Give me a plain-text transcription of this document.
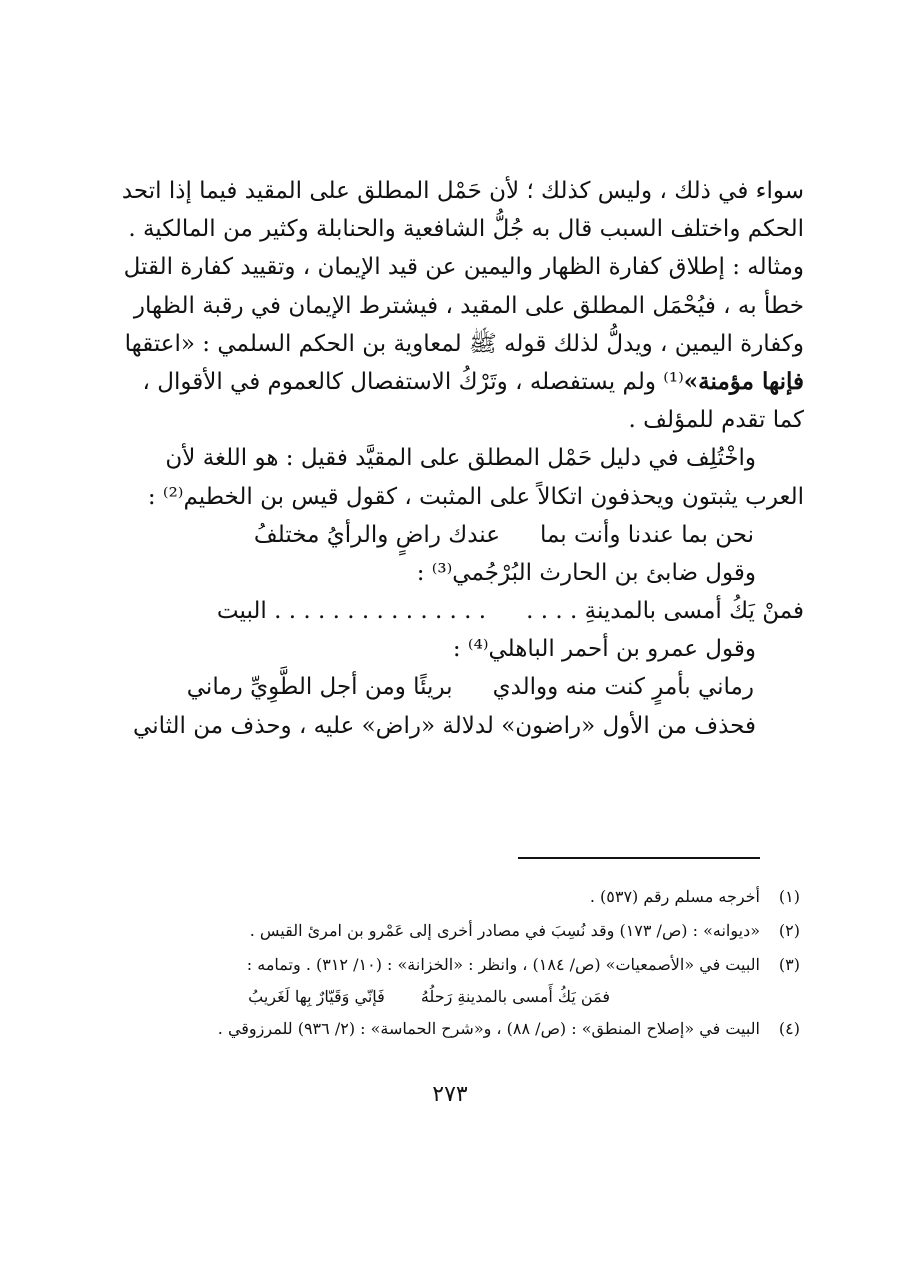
سواء في ذلك ، وليس كذلك ؛ لأن حَمْل المطلق على المقيد فيما إذا اتحد
الحكم واختلف السبب قال به جُلُّ الشافعية والحنابلة وكثير من المالكية .
ومثاله : إطلاق كفارة الظهار واليمين عن قيد الإيمان ، وتقييد كفارة القتل
خطأ به ، فيُحْمَل المطلق على المقيد ، فيشترط الإيمان في رقبة الظهار
وكفارة اليمين ، ويدلُّ لذلك قوله ﷺ لمعاوية بن الحكم السلمي : «اعتقها
فإنها مؤمنة»⁽¹⁾ ولم يستفصله ، وتَرْكُ الاستفصال كالعموم في الأقوال ،
كما تقدم للمؤلف .
واخْتُلِف في دليل حَمْل المطلق على المقيَّد فقيل : هو اللغة لأن
العرب يثبتون ويحذفون اتكالاً على المثبت ، كقول قيس بن الخطيم⁽²⁾ :
نحن بما عندنا وأنت بما
عندك راضٍ والرأيُ مختلفُ
وقول ضابئ بن الحارث البُرْجُمي⁽³⁾ :
فمنْ يَكُ أمسى بالمدينةِ . . . .
. . . . . . . . . . . . . . . البيت
وقول عمرو بن أحمر الباهلي⁽⁴⁾ :
رماني بأمرٍ كنت منه ووالدي
بريئًا ومن أجل الطَّوِيِّ رماني
فحذف من الأول «راضون» لدلالة «راض» عليه ، وحذف من الثاني
(١)
أخرجه مسلم رقم (٥٣٧) .
(٢)
«ديوانه» : (ص/ ١٧٣) وقد نُسِبَ في مصادر أخرى إلى عَمْرو بن امرئ القيس .
(٣)
البيت في «الأصمعيات» (ص/ ١٨٤) ، وانظر : «الخزانة» : (١٠/ ٣١٢) . وتمامه :
فمَن يَكُ أَمسى بالمدينةِ رَحلُهُ
فَإنّي وَقَيّارٌ بِها لَغَريبُ
(٤)
البيت في «إصلاح المنطق» : (ص/ ٨٨) ، و«شرح الحماسة» : (٢/ ٩٣٦) للمرزوقي .
٢٧٣
